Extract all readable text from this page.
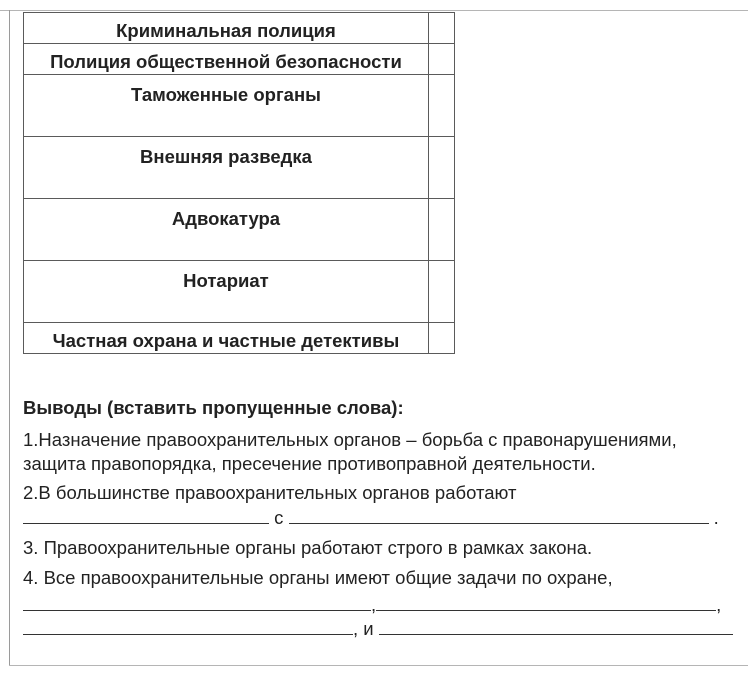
Криминальная полиция	
Полиция общественной безопасности	
Таможенные органы	
Внешняя разведка	
Адвокатура	
Нотариат	
Частная охрана и частные детективы	
Выводы (вставить пропущенные слова):
1.Назначение правоохранительных органов – борьба с правонарушениями,
защита правопорядка, пресечение противоправной деятельности.
2.В большинстве правоохранительных органов работают
с	.
3. Правоохранительные органы работают строго в рамках закона.
4. Все правоохранительные органы имеют общие задачи по охране,
,	,
, и
